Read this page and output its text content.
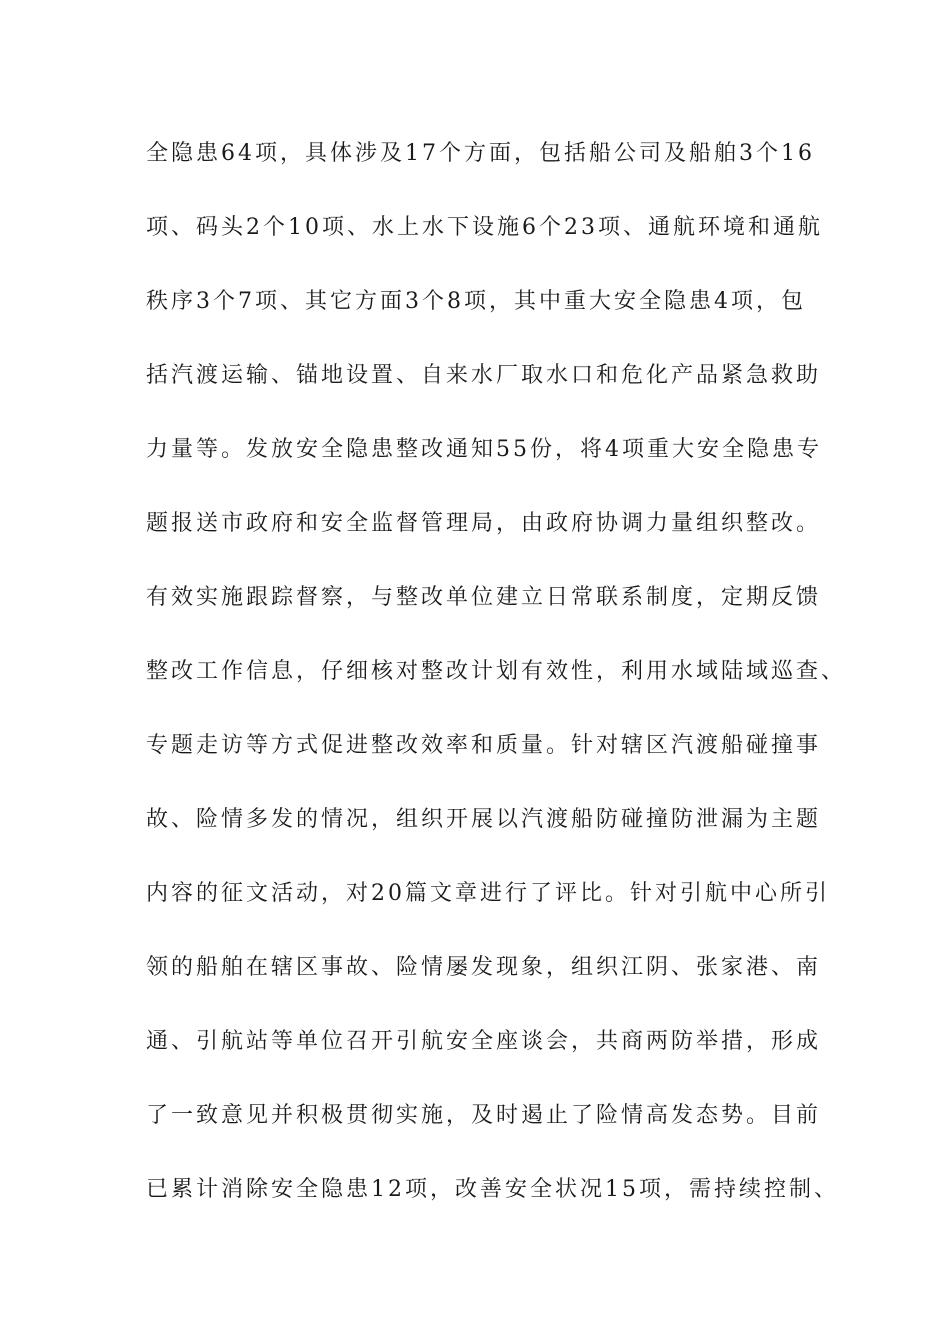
全隐患64项，具体涉及17个方面，包括船公司及船舶3个16
项、码头2个10项、水上水下设施6个23项、通航环境和通航
秩序3个7项、其它方面3个8项，其中重大安全隐患4项，包
括汽渡运输、锚地设置、自来水厂取水口和危化产品紧急救助
力量等。发放安全隐患整改通知55份，将4项重大安全隐患专
题报送市政府和安全监督管理局，由政府协调力量组织整改。
有效实施跟踪督察，与整改单位建立日常联系制度，定期反馈
整改工作信息，仔细核对整改计划有效性，利用水域陆域巡查、
专题走访等方式促进整改效率和质量。针对辖区汽渡船碰撞事
故、险情多发的情况，组织开展以汽渡船防碰撞防泄漏为主题
内容的征文活动，对20篇文章进行了评比。针对引航中心所引
领的船舶在辖区事故、险情屡发现象，组织江阴、张家港、南
通、引航站等单位召开引航安全座谈会，共商两防举措，形成
了一致意见并积极贯彻实施，及时遏止了险情高发态势。目前
已累计消除安全隐患12项，改善安全状况15项，需持续控制、
